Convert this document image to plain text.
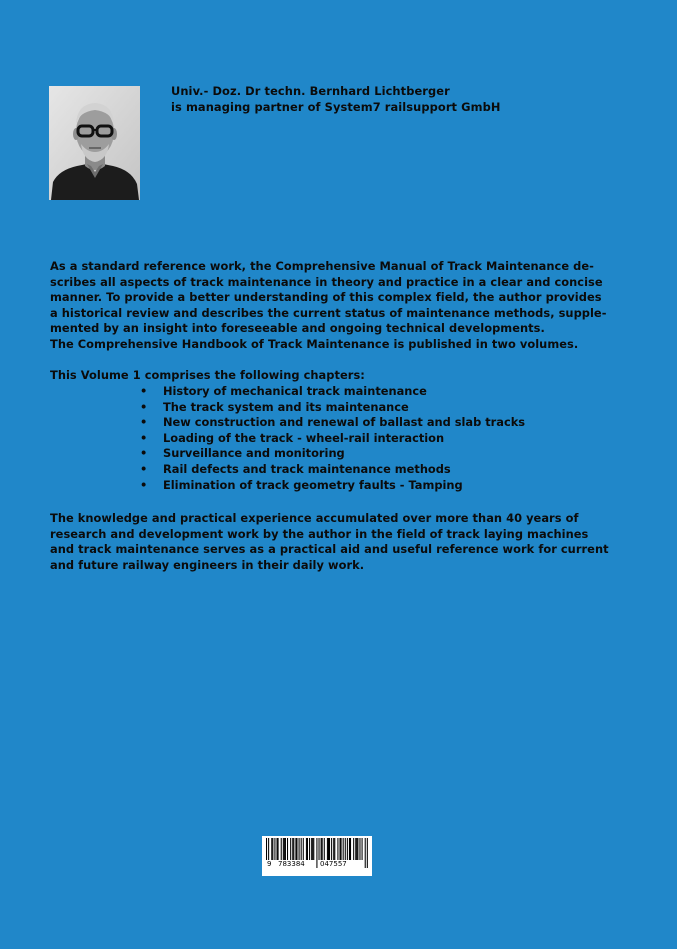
Univ.- Doz. Dr techn. Bernhard Lichtberger
is managing partner of System7 railsupport GmbH
As a standard reference work, the Comprehensive Manual of Track Maintenance de-
scribes all aspects of track maintenance in theory and practice in a clear and concise
manner. To provide a better understanding of this complex field, the author provides
a historical review and describes the current status of maintenance methods, supple-
mented by an insight into foreseeable and ongoing technical developments.
The Comprehensive Handbook of Track Maintenance is published in two volumes.
This Volume 1 comprises the following chapters:
• History of mechanical track maintenance
• The track system and its maintenance
• New construction and renewal of ballast and slab tracks
• Loading of the track - wheel-rail interaction
• Surveillance and monitoring
• Rail defects and track maintenance methods
• Elimination of track geometry faults - Tamping
The knowledge and practical experience accumulated over more than 40 years of
research and development work by the author in the field of track laying machines
and track maintenance serves as a practical aid and useful reference work for current
and future railway engineers in their daily work.
9 783384 047557
